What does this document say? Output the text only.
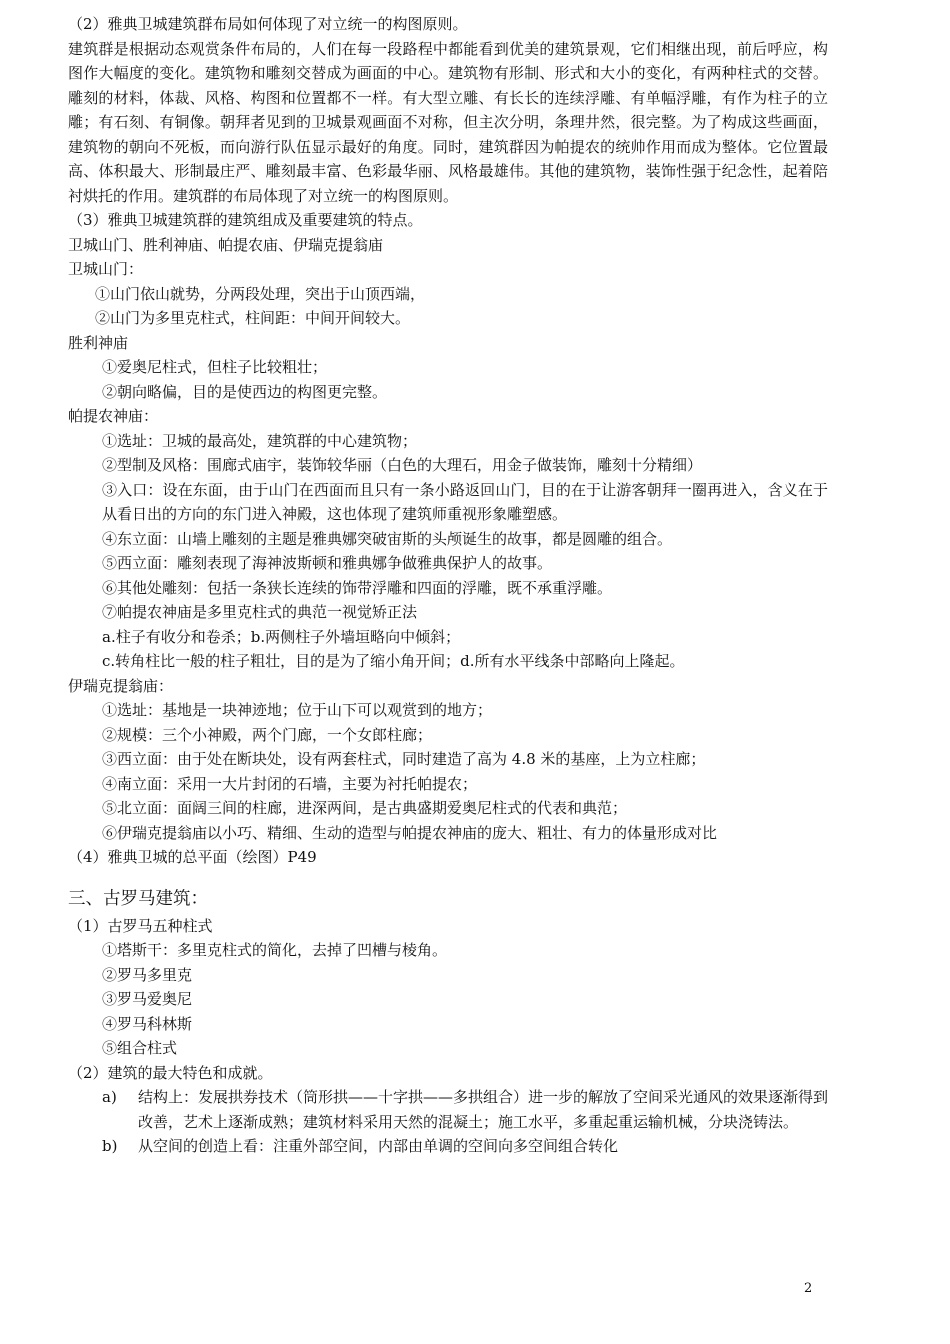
（2）雅典卫城建筑群布局如何体现了对立统一的构图原则。

建筑群是根据动态观赏条件布局的，人们在每一段路程中都能看到优美的建筑景观，它们相继出现，前后呼应，构图作大幅度的变化。建筑物和雕刻交替成为画面的中心。建筑物有形制、形式和大小的变化，有两种柱式的交替。雕刻的材料，体裁、风格、构图和位置都不一样。有大型立雕、有长长的连续浮雕、有单幅浮雕，有作为柱子的立雕；有石刻、有铜像。朝拜者见到的卫城景观画面不对称，但主次分明，条理井然，很完整。为了构成这些画面，建筑物的朝向不死板，而向游行队伍显示最好的角度。同时，建筑群因为帕提农的统帅作用而成为整体。它位置最高、体积最大、形制最庄严、雕刻最丰富、色彩最华丽、风格最雄伟。其他的建筑物，装饰性强于纪念性，起着陪衬烘托的作用。建筑群的布局体现了对立统一的构图原则。

（3）雅典卫城建筑群的建筑组成及重要建筑的特点。
卫城山门、胜利神庙、帕提农庙、伊瑞克提翁庙
卫城山门：
①山门依山就势，分两段处理，突出于山顶西端，
②山门为多里克柱式，柱间距：中间开间较大。
胜利神庙
①爱奥尼柱式，但柱子比较粗壮；
②朝向略偏，目的是使西边的构图更完整。
帕提农神庙：
①选址：卫城的最高处，建筑群的中心建筑物；
②型制及风格：围廊式庙宇，装饰较华丽（白色的大理石，用金子做装饰，雕刻十分精细）
③入口：设在东面，由于山门在西面而且只有一条小路返回山门，目的在于让游客朝拜一圈再进入，含义在于从看日出的方向的东门进入神殿，这也体现了建筑师重视形象雕塑感。
④东立面：山墙上雕刻的主题是雅典娜突破宙斯的头颅诞生的故事，都是圆雕的组合。
⑤西立面：雕刻表现了海神波斯顿和雅典娜争做雅典保护人的故事。
⑥其他处雕刻：包括一条狭长连续的饰带浮雕和四面的浮雕，既不承重浮雕。
⑦帕提农神庙是多里克柱式的典范一视觉矫正法
a.柱子有收分和卷杀；b.两侧柱子外墙垣略向中倾斜；
c.转角柱比一般的柱子粗壮，目的是为了缩小角开间；d.所有水平线条中部略向上隆起。
伊瑞克提翁庙：
①选址：基地是一块神迹地；位于山下可以观赏到的地方；
②规模：三个小神殿，两个门廊，一个女郎柱廊；
③西立面：由于处在断块处，设有两套柱式，同时建造了高为 4.8 米的基座，上为立柱廊；
④南立面：采用一大片封闭的石墙，主要为衬托帕提农；
⑤北立面：面阔三间的柱廊，进深两间，是古典盛期爱奥尼柱式的代表和典范；
⑥伊瑞克提翁庙以小巧、精细、生动的造型与帕提农神庙的庞大、粗壮、有力的体量形成对比
（4）雅典卫城的总平面（绘图）P49
三、古罗马建筑：
（1）古罗马五种柱式
①塔斯干：多里克柱式的简化，去掉了凹槽与棱角。
②罗马多里克
③罗马爱奥尼
④罗马科林斯
⑤组合柱式
（2）建筑的最大特色和成就。
a)	结构上：发展拱券技术（筒形拱——十字拱——多拱组合）进一步的解放了空间采光通风的效果逐渐得到改善，艺术上逐渐成熟；建筑材料采用天然的混凝土；施工水平，多重起重运输机械，分块浇铸法。
b)	从空间的创造上看：注重外部空间，内部由单调的空间向多空间组合转化
2
